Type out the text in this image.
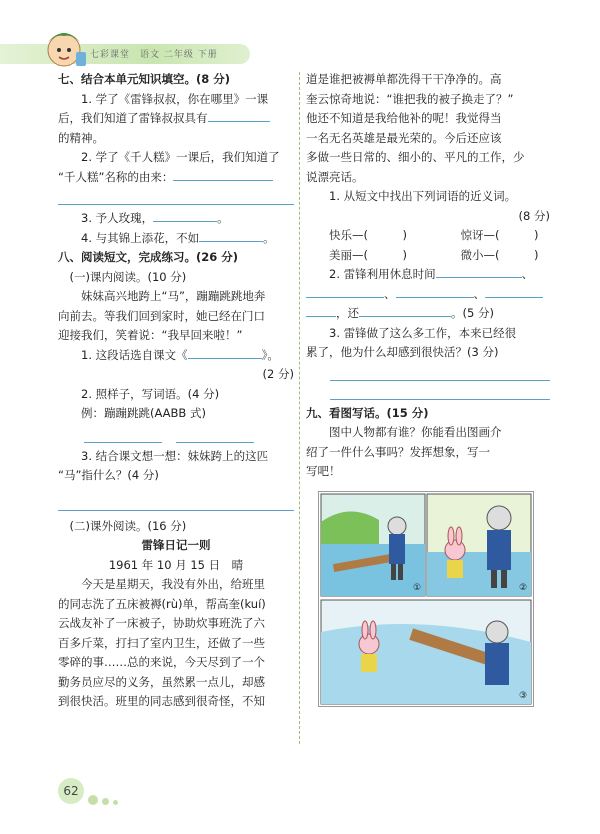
七彩课堂　语文 二年级 下册

七、结合本单元知识填空。(8 分)

1. 学了《雷锋叔叔，你在哪里》一课

后，我们知道了雷锋叔叔具有

的精神。

2. 学了《千人糕》一课后，我们知道了

“千人糕”名称的由来：

3. 予人玫瑰，	。

4. 与其锦上添花，不如	。

八、阅读短文，完成练习。(26 分)

(一)课内阅读。(10 分)

妹妹高兴地跨上“马”，蹦蹦跳跳地奔

向前去。等我们回到家时，她已经在门口

迎接我们，笑着说：“我早回来啦！”

1. 这段话选自课文《	》。

(2 分)

2. 照样子，写词语。(4 分)

例：蹦蹦跳跳(AABB 式)

3. 结合课文想一想：妹妹跨上的这匹

“马”指什么？(4 分)

(二)课外阅读。(16 分)

雷锋日记一则

1961 年 10 月 15 日　晴

今天是星期天，我没有外出，给班里

的同志洗了五床被褥(rù)单，帮高奎(kuí)

云战友补了一床被子，协助炊事班洗了六

百多斤菜，打扫了室内卫生，还做了一些

零碎的事……总的来说，今天尽到了一个

勤务员应尽的义务，虽然累一点儿，却感

到很快活。班里的同志感到很奇怪，不知

道是谁把被褥单都洗得干干净净的。高

奎云惊奇地说：“谁把我的被子换走了？”

他还不知道是我给他补的呢！我觉得当

一名无名英雄是最光荣的。今后还应该

多做一些日常的、细小的、平凡的工作，少

说漂亮话。

1. 从短文中找出下列词语的近义词。

(8 分)

快乐—(　　　)	惊讶—(　　　)
美丽—(　　　)	微小—(　　　)

2. 雷锋利用休息时间	、

、	、

，还	。(5 分)

3. 雷锋做了这么多工作，本来已经很

累了，他为什么却感到很快活？(3 分)

九、看图写话。(15 分)

图中人物都有谁？你能看出图画介

绍了一件什么事吗？发挥想象，写一

写吧！

①	②
③
62
